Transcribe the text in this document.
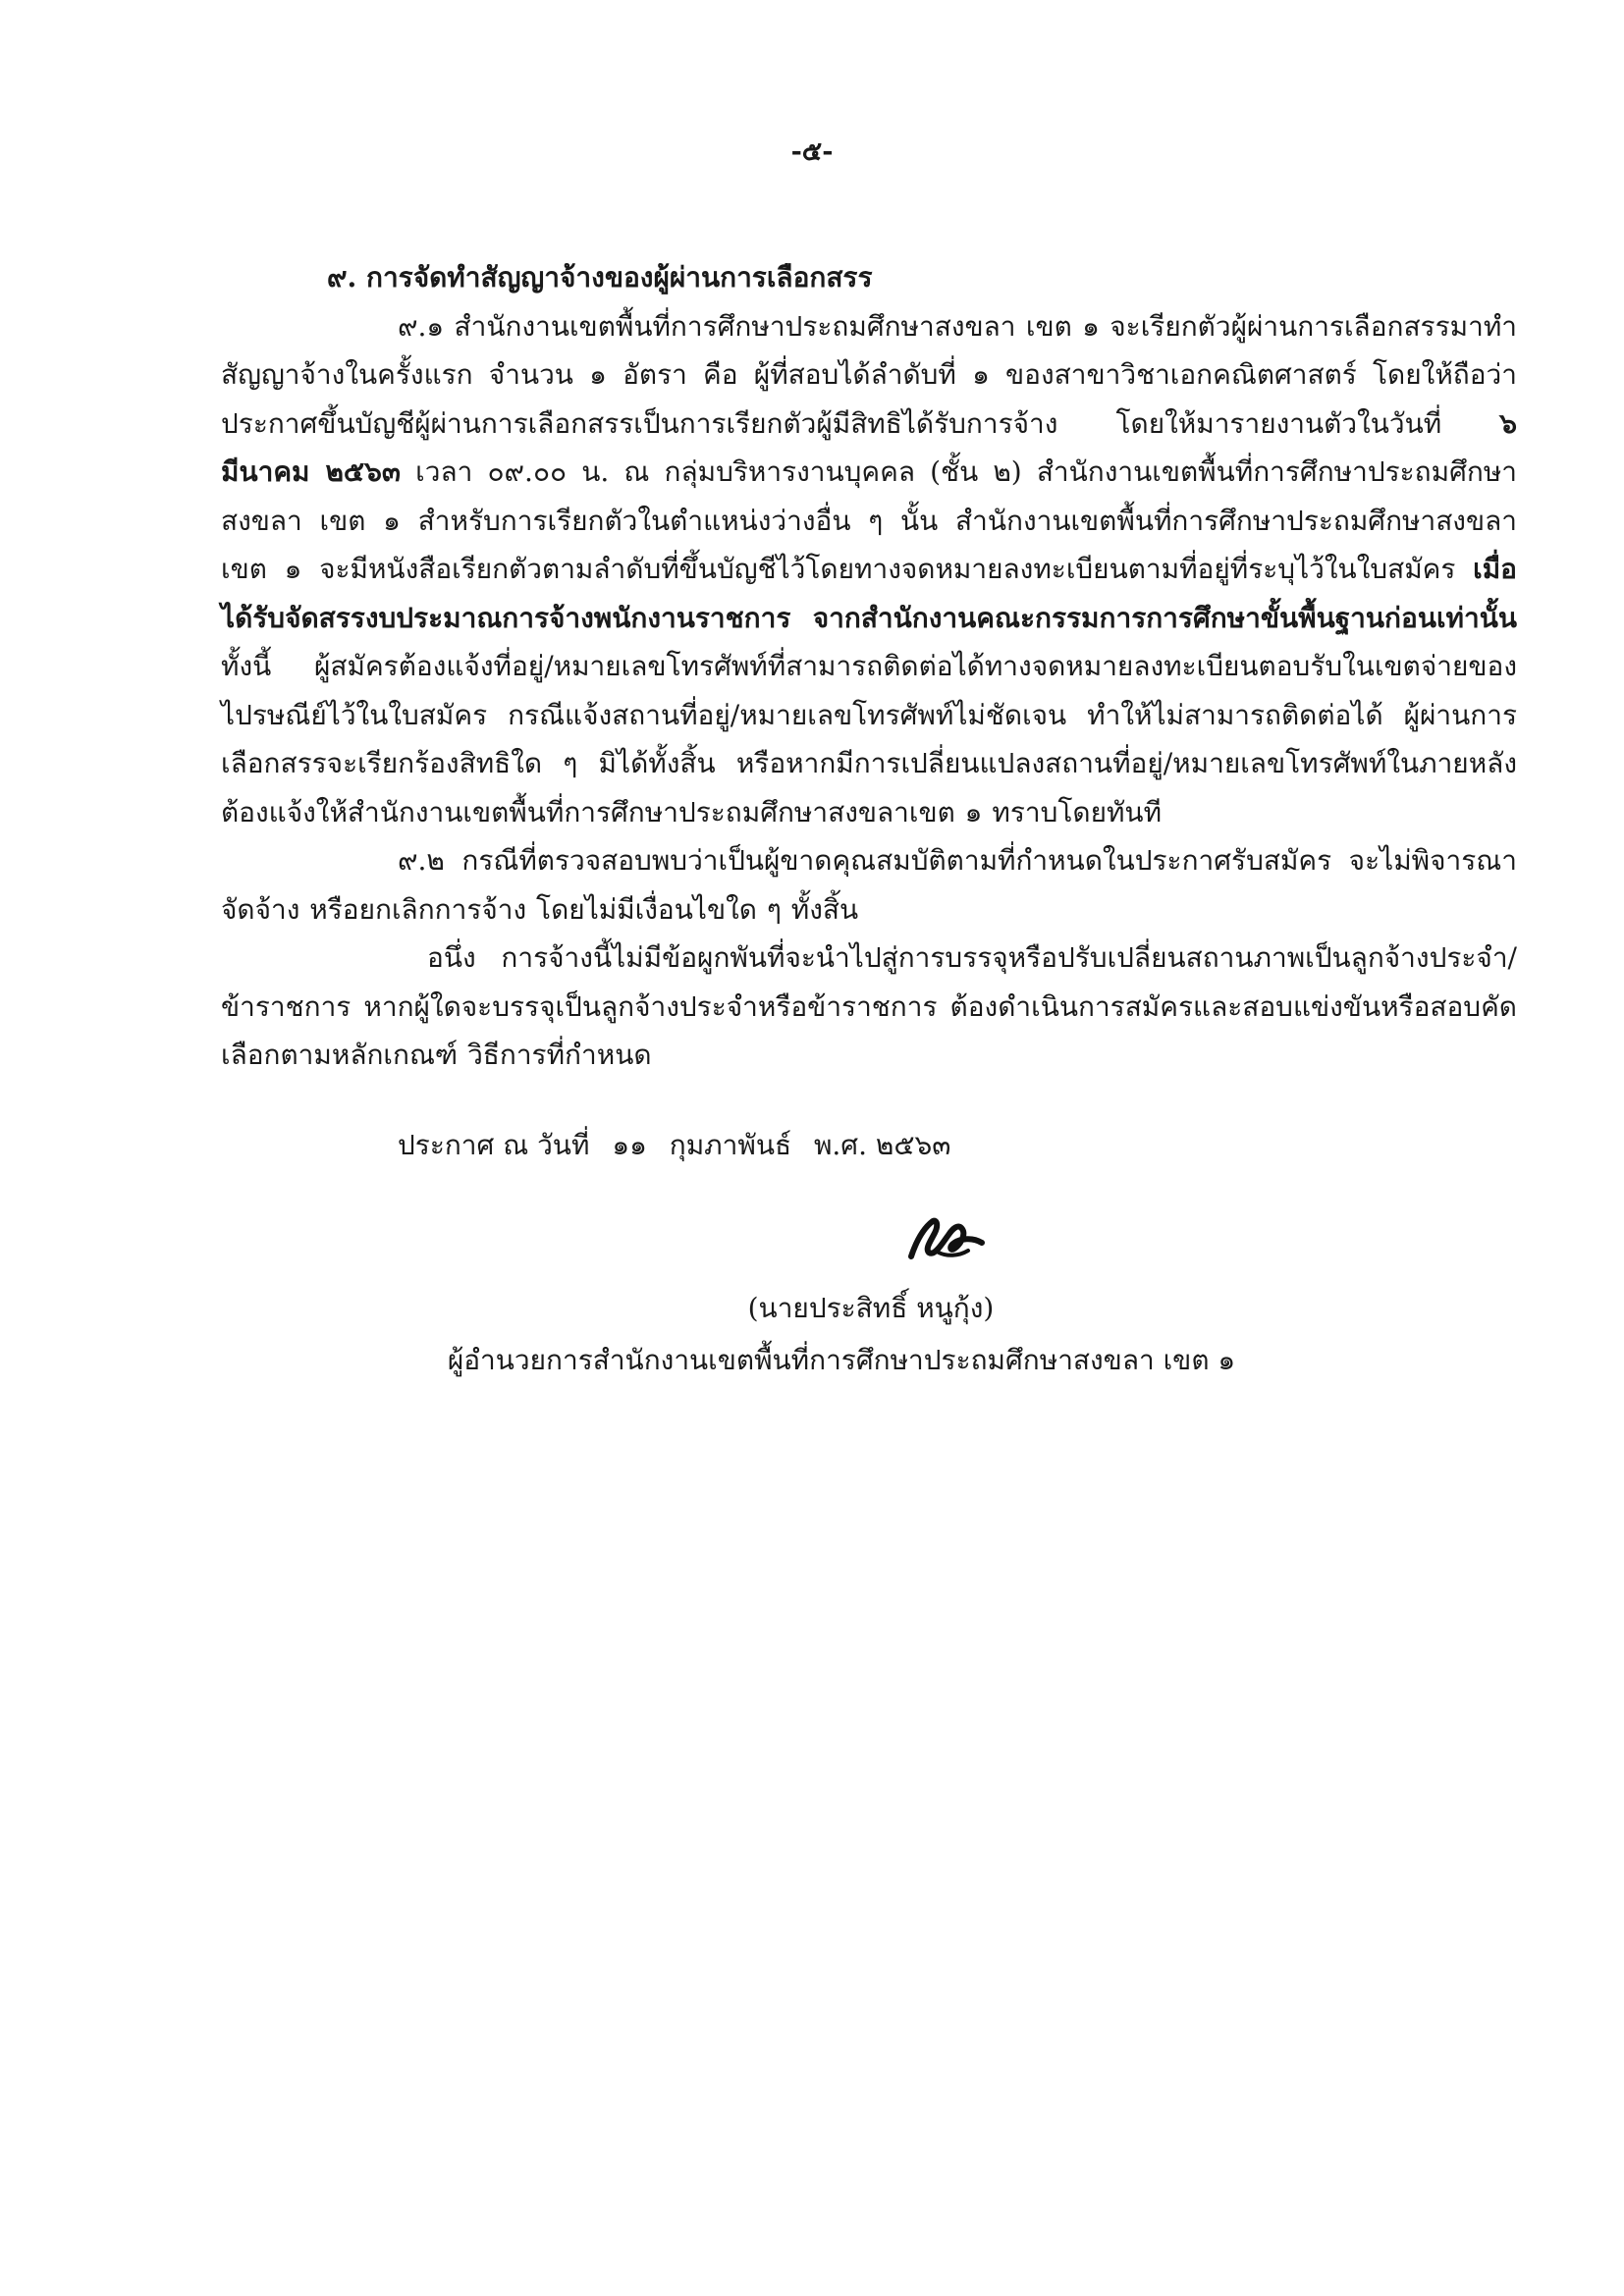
-๕-

๙. การจัดทำสัญญาจ้างของผู้ผ่านการเลือกสรร

๙.๑ สำนักงานเขตพื้นที่การศึกษาประถมศึกษาสงขลา เขต ๑ จะเรียกตัวผู้ผ่านการเลือกสรรมาทำสัญญาจ้างในครั้งแรก จำนวน ๑ อัตรา คือ ผู้ที่สอบได้ลำดับที่ ๑ ของสาขาวิชาเอกคณิตศาสตร์ โดยให้ถือว่าประกาศขึ้นบัญชีผู้ผ่านการเลือกสรรเป็นการเรียกตัวผู้มีสิทธิได้รับการจ้าง โดยให้มารายงานตัวในวันที่ ๖ มีนาคม ๒๕๖๓ เวลา ๐๙.๐๐ น. ณ กลุ่มบริหารงานบุคคล (ชั้น ๒) สำนักงานเขตพื้นที่การศึกษาประถมศึกษาสงขลา เขต ๑ สำหรับการเรียกตัวในตำแหน่งว่างอื่น ๆ นั้น สำนักงานเขตพื้นที่การศึกษาประถมศึกษาสงขลา เขต ๑ จะมีหนังสือเรียกตัวตามลำดับที่ขึ้นบัญชีไว้โดยทางจดหมายลงทะเบียนตามที่อยู่ที่ระบุไว้ในใบสมัคร เมื่อได้รับจัดสรรงบประมาณการจ้างพนักงานราชการ จากสำนักงานคณะกรรมการการศึกษาขั้นพื้นฐานก่อนเท่านั้น ทั้งนี้ ผู้สมัครต้องแจ้งที่อยู่/หมายเลขโทรศัพท์ที่สามารถติดต่อได้ทางจดหมายลงทะเบียนตอบรับในเขตจ่ายของไปรษณีย์ไว้ในใบสมัคร กรณีแจ้งสถานที่อยู่/หมายเลขโทรศัพท์ไม่ชัดเจน ทำให้ไม่สามารถติดต่อได้ ผู้ผ่านการเลือกสรรจะเรียกร้องสิทธิใด ๆ มิได้ทั้งสิ้น หรือหากมีการเปลี่ยนแปลงสถานที่อยู่/หมายเลขโทรศัพท์ในภายหลัง ต้องแจ้งให้สำนักงานเขตพื้นที่การศึกษาประถมศึกษาสงขลาเขต ๑ ทราบโดยทันที

๙.๒ กรณีที่ตรวจสอบพบว่าเป็นผู้ขาดคุณสมบัติตามที่กำหนดในประกาศรับสมัคร จะไม่พิจารณาจัดจ้าง หรือยกเลิกการจ้าง โดยไม่มีเงื่อนไขใด ๆ ทั้งสิ้น

อนึ่ง การจ้างนี้ไม่มีข้อผูกพันที่จะนำไปสู่การบรรจุหรือปรับเปลี่ยนสถานภาพเป็นลูกจ้างประจำ/ข้าราชการ หากผู้ใดจะบรรจุเป็นลูกจ้างประจำหรือข้าราชการ ต้องดำเนินการสมัครและสอบแข่งขันหรือสอบคัดเลือกตามหลักเกณฑ์ วิธีการที่กำหนด

ประกาศ ณ วันที่ ๑๑ กุมภาพันธ์ พ.ศ. ๒๕๖๓
(นายประสิทธิ์ หนูกุ้ง)
ผู้อำนวยการสำนักงานเขตพื้นที่การศึกษาประถมศึกษาสงขลา เขต ๑
